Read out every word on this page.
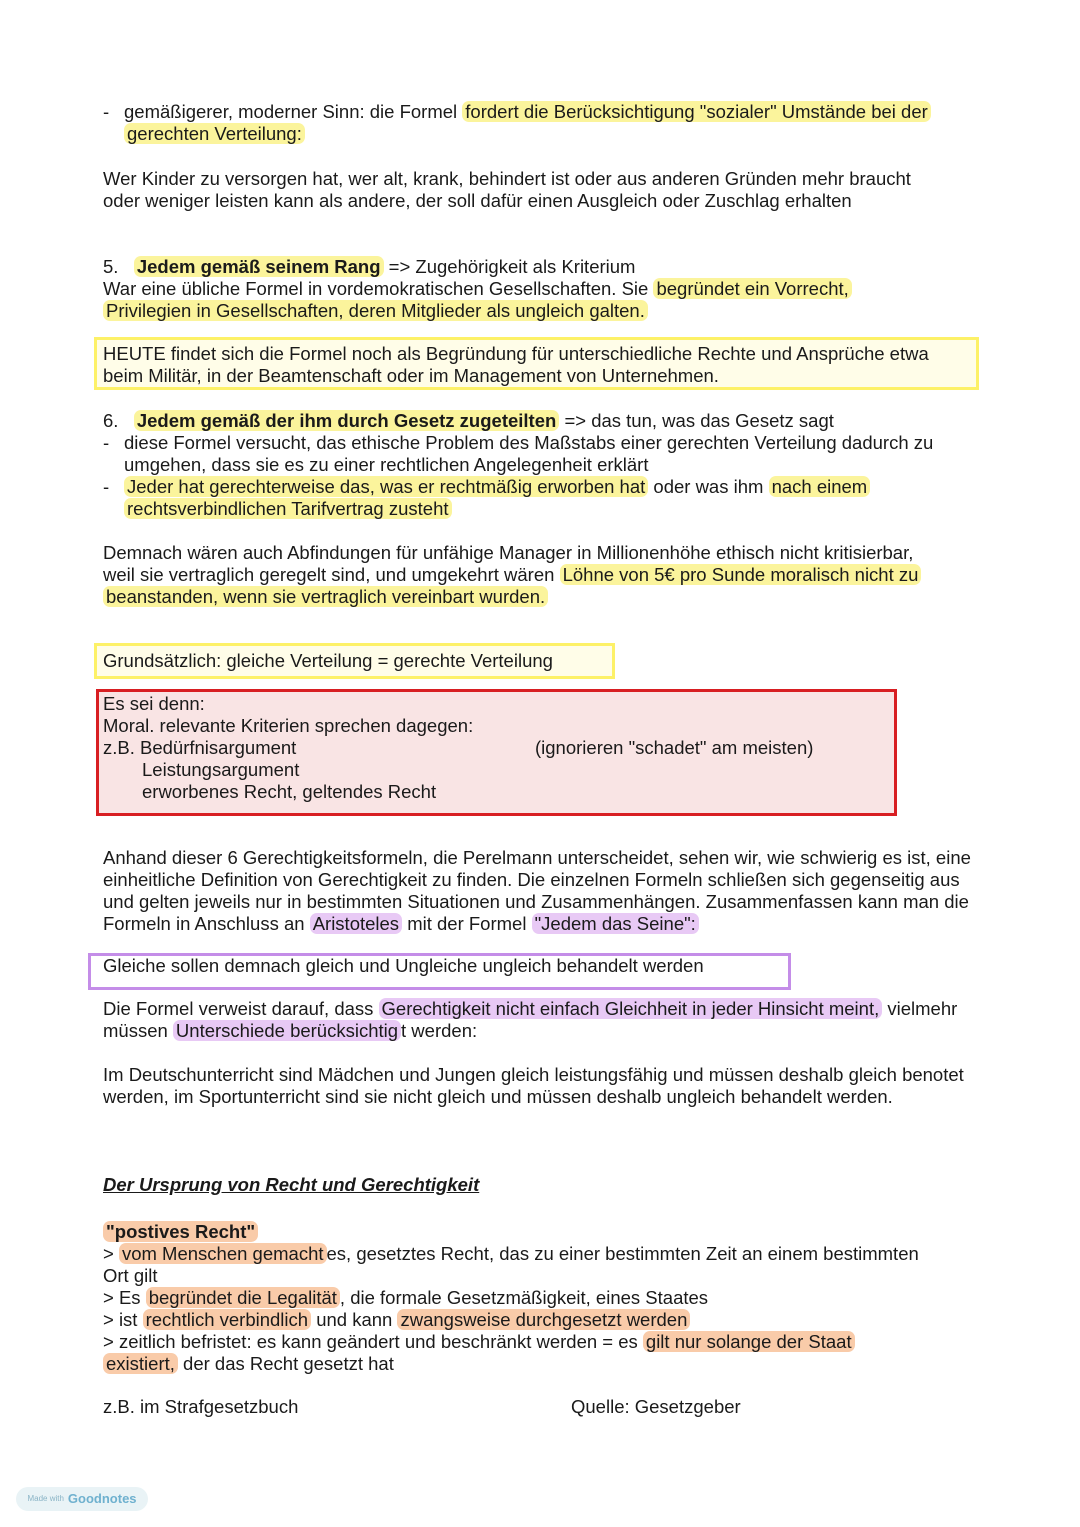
- gemäßigerer, moderner Sinn: die Formel fordert die Berücksichtigung "sozialer" Umstände bei der gerechten Verteilung:

Wer Kinder zu versorgen hat, wer alt, krank, behindert ist oder aus anderen Gründen mehr braucht oder weniger leisten kann als andere, der soll dafür einen Ausgleich oder Zuschlag erhalten

5. Jedem gemäß seinem Rang => Zugehörigkeit als Kriterium

War eine übliche Formel in vordemokratischen Gesellschaften. Sie begründet ein Vorrecht, Privilegien in Gesellschaften, deren Mitglieder als ungleich galten.

HEUTE findet sich die Formel noch als Begründung für unterschiedliche Rechte und Ansprüche etwa beim Militär, in der Beamtenschaft oder im Management von Unternehmen.

6. Jedem gemäß der ihm durch Gesetz zugeteilten => das tun, was das Gesetz sagt

- diese Formel versucht, das ethische Problem des Maßstabs einer gerechten Verteilung dadurch zu umgehen, dass sie es zu einer rechtlichen Angelegenheit erklärt
- Jeder hat gerechterweise das, was er rechtmäßig erworben hat oder was ihm nach einem rechtsverbindlichen Tarifvertrag zusteht

Demnach wären auch Abfindungen für unfähige Manager in Millionenhöhe ethisch nicht kritisierbar, weil sie vertraglich geregelt sind, und umgekehrt wären Löhne von 5€ pro Sunde moralisch nicht zu beanstanden, wenn sie vertraglich vereinbart wurden.

Grundsätzlich: gleiche Verteilung = gerechte Verteilung

Es sei denn:

Moral. relevante Kriterien sprechen dagegen:

z.B. Bedürfnisargument

Leistungsargument

erworbenes Recht, geltendes Recht

(ignorieren "schadet" am meisten)

Anhand dieser 6 Gerechtigkeitsformeln, die Perelmann unterscheidet, sehen wir, wie schwierig es ist, eine einheitliche Definition von Gerechtigkeit zu finden. Die einzelnen Formeln schließen sich gegenseitig aus und gelten jeweils nur in bestimmten Situationen und Zusammenhängen. Zusammenfassen kann man die Formeln in Anschluss an Aristoteles mit der Formel "Jedem das Seine":

Gleiche sollen demnach gleich und Ungleiche ungleich behandelt werden

Die Formel verweist darauf, dass Gerechtigkeit nicht einfach Gleichheit in jeder Hinsicht meint, vielmehr müssen Unterschiede berücksichtig t werden:

Im Deutschunterricht sind Mädchen und Jungen gleich leistungsfähig und müssen deshalb gleich benotet werden, im Sportunterricht sind sie nicht gleich und müssen deshalb ungleich behandelt werden.

Der Ursprung von Recht und Gerechtigkeit

"postives Recht"

> vom Menschen gemacht es, gesetztes Recht, das zu einer bestimmten Zeit an einem bestimmten Ort gilt

> Es begründet die Legalität , die formale Gesetzmäßigkeit, eines Staates

> ist rechtlich verbindlich und kann zwangsweise durchgesetzt werden

> zeitlich befristet: es kann geändert und beschränkt werden = es gilt nur solange der Staat existiert, der das Recht gesetzt hat

z.B. im Strafgesetzbuch	Quelle: Gesetzgeber

Made with Goodnotes
